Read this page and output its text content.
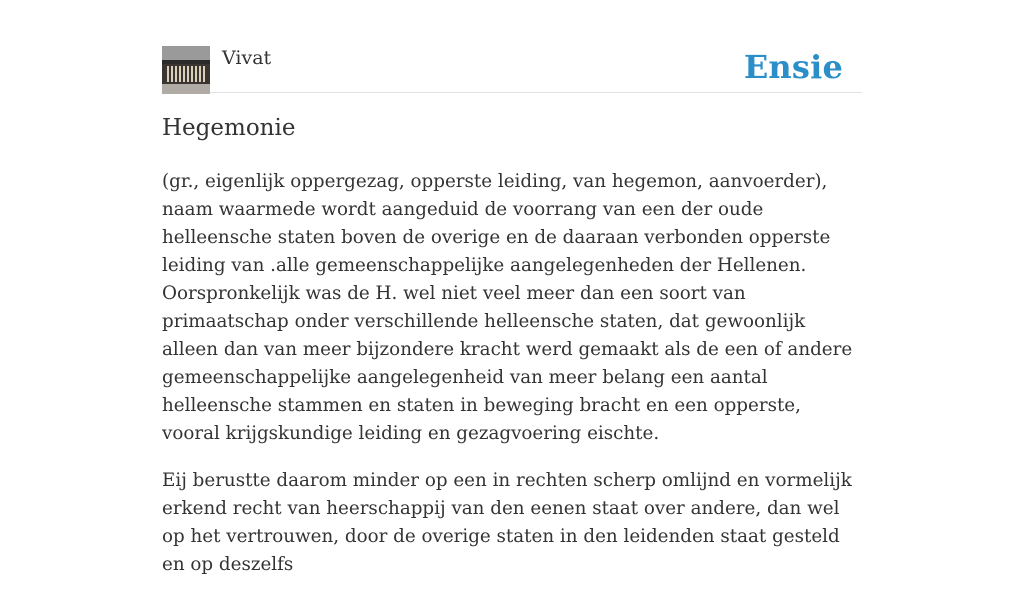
Vivat	Ensie
Hegemonie

(gr., eigenlijk oppergezag, opperste leiding, van hegemon, aanvoerder), naam waarmede wordt aangeduid de voorrang van een der oude helleensche staten boven de overige en de daaraan verbonden opperste leiding van .alle gemeenschappelijke aangelegenheden der Hellenen. Oorspronkelijk was de H. wel niet veel meer dan een soort van primaatschap onder verschillende helleensche staten, dat gewoonlijk alleen dan van meer bijzondere kracht werd gemaakt als de een of andere gemeenschappelijke aangelegenheid van meer belang een aantal helleensche stammen en staten in beweging bracht en een opperste, vooral krijgskundige leiding en gezagvoering eischte.

Eij berustte daarom minder op een in rechten scherp omlijnd en vormelijk erkend recht van heerschappij van den eenen staat over andere, dan wel op het vertrouwen, door de overige staten in den leidenden staat gesteld en op deszelfs
